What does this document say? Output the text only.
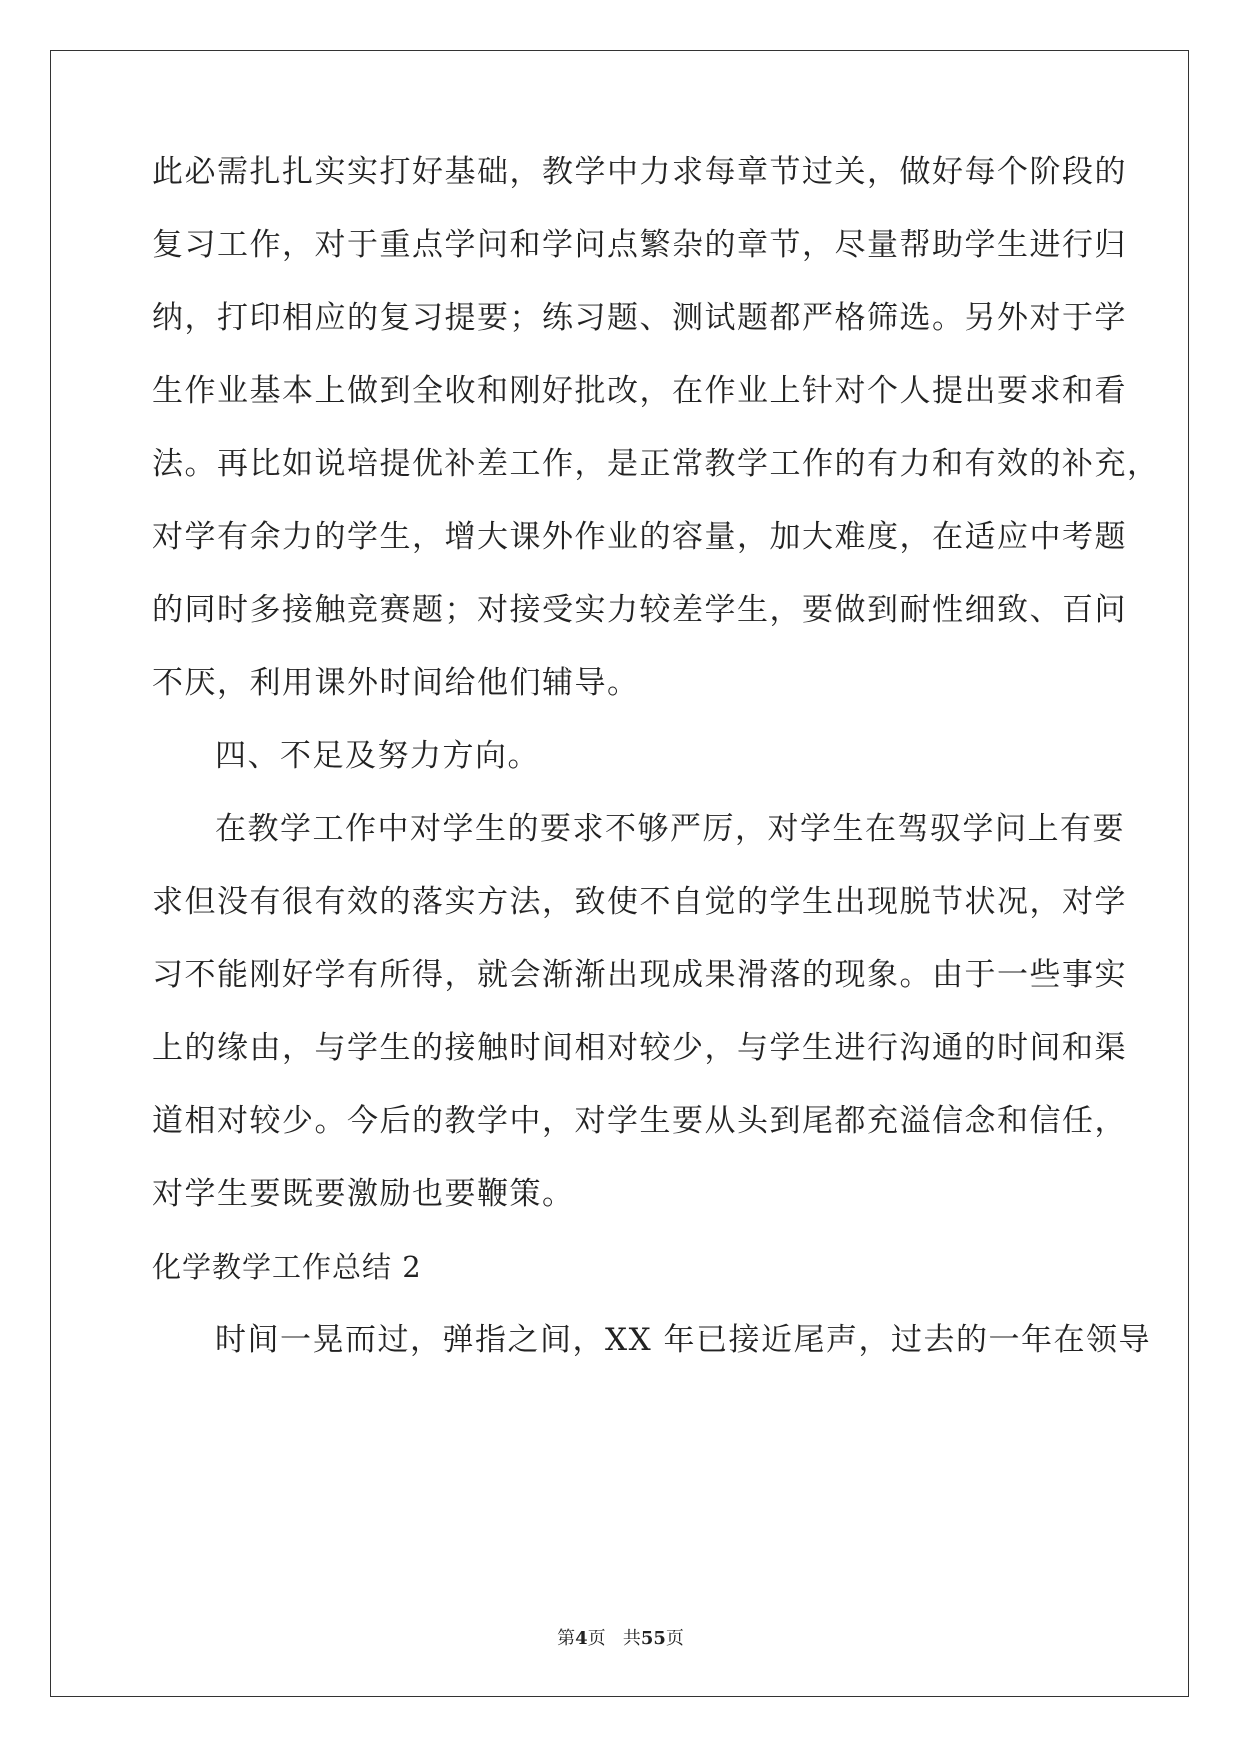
此必需扎扎实实打好基础，教学中力求每章节过关，做好每个阶段的
复习工作，对于重点学问和学问点繁杂的章节，尽量帮助学生进行归
纳，打印相应的复习提要；练习题、测试题都严格筛选。另外对于学
生作业基本上做到全收和刚好批改，在作业上针对个人提出要求和看
法。再比如说培提优补差工作，是正常教学工作的有力和有效的补充，
对学有余力的学生，增大课外作业的容量，加大难度，在适应中考题
的同时多接触竞赛题；对接受实力较差学生，要做到耐性细致、百问
不厌，利用课外时间给他们辅导。
四、不足及努力方向。
在教学工作中对学生的要求不够严厉，对学生在驾驭学问上有要
求但没有很有效的落实方法，致使不自觉的学生出现脱节状况，对学
习不能刚好学有所得，就会渐渐出现成果滑落的现象。由于一些事实
上的缘由，与学生的接触时间相对较少，与学生进行沟通的时间和渠
道相对较少。今后的教学中，对学生要从头到尾都充溢信念和信任，
对学生要既要激励也要鞭策。
化学教学工作总结 2
时间一晃而过，弹指之间，XX 年已接近尾声，过去的一年在领导
第4页 共55页
